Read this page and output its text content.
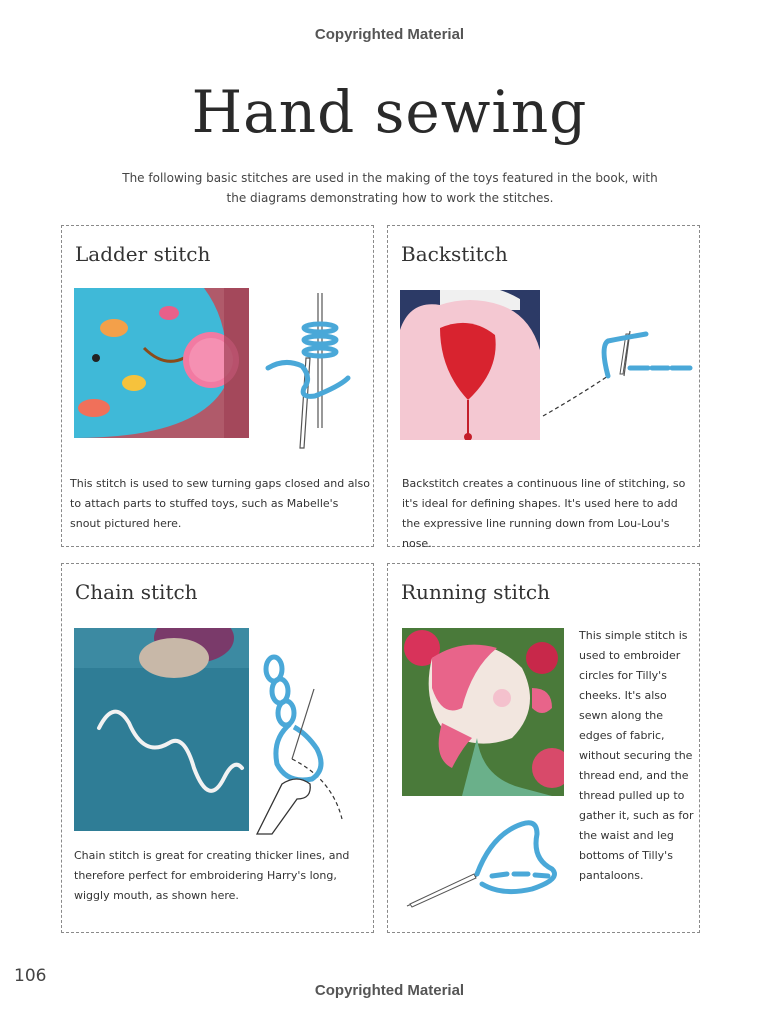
Copyrighted Material
Hand sewing
The following basic stitches are used in the making of the toys featured in the book, with the diagrams demonstrating how to work the stitches.
Ladder stitch
This stitch is used to sew turning gaps closed and also to attach parts to stuffed toys, such as Mabelle's snout pictured here.
Backstitch
Backstitch creates a continuous line of stitching, so it's ideal for defining shapes. It's used here to add the expressive line running down from Lou-Lou's nose.
Chain stitch
Chain stitch is great for creating thicker lines, and therefore perfect for embroidering Harry's long, wiggly mouth, as shown here.
Running stitch
This simple stitch is used to embroider circles for Tilly's cheeks. It's also sewn along the edges of fabric, without securing the thread end, and the thread pulled up to gather it, such as for the waist and leg bottoms of Tilly's pantaloons.
106
Copyrighted Material
